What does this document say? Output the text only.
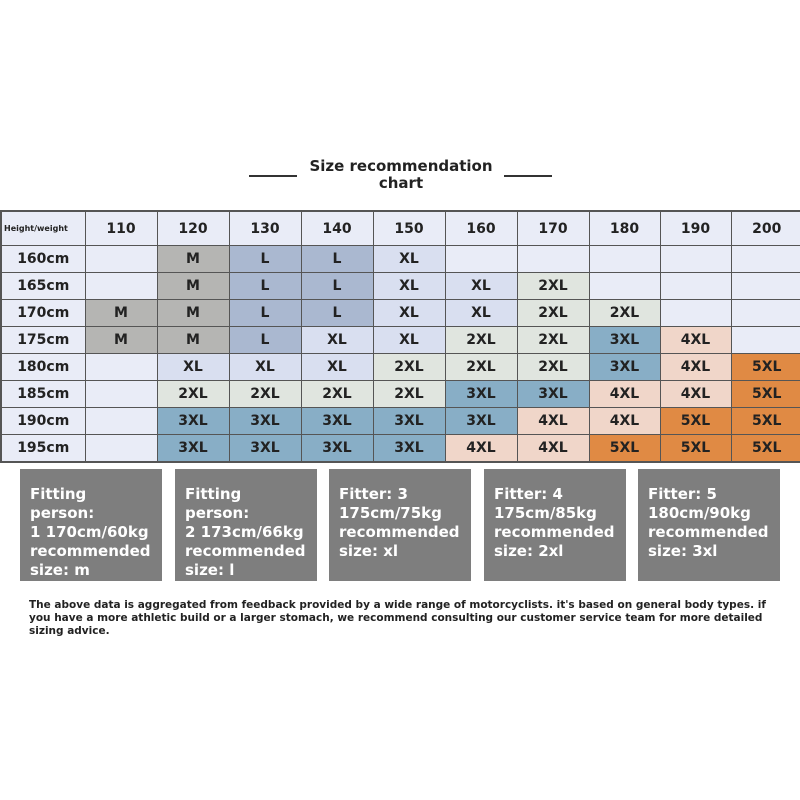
Size recommendation chart
Height/weight	110	120	130	140	150	160	170	180	190	200
160cm		M	L	L	XL					
165cm		M	L	L	XL	XL	2XL			
170cm	M	M	L	L	XL	XL	2XL	2XL		
175cm	M	M	L	XL	XL	2XL	2XL	3XL	4XL	
180cm		XL	XL	XL	2XL	2XL	2XL	3XL	4XL	5XL
185cm		2XL	2XL	2XL	2XL	3XL	3XL	4XL	4XL	5XL
190cm		3XL	3XL	3XL	3XL	3XL	4XL	4XL	5XL	5XL
195cm		3XL	3XL	3XL	3XL	4XL	4XL	5XL	5XL	5XL
Fitting person:
1 170cm/60kg
recommended
size: m
Fitting person:
2 173cm/66kg
recommended
size: l
Fitter: 3
175cm/75kg
recommended
size: xl
Fitter: 4
175cm/85kg
recommended
size: 2xl
Fitter: 5
180cm/90kg
recommended
size: 3xl
The above data is aggregated from feedback provided by a wide range of motorcyclists. it's based on general body types. if you have a more athletic build or a larger stomach, we recommend consulting our customer service team for more detailed sizing advice.
